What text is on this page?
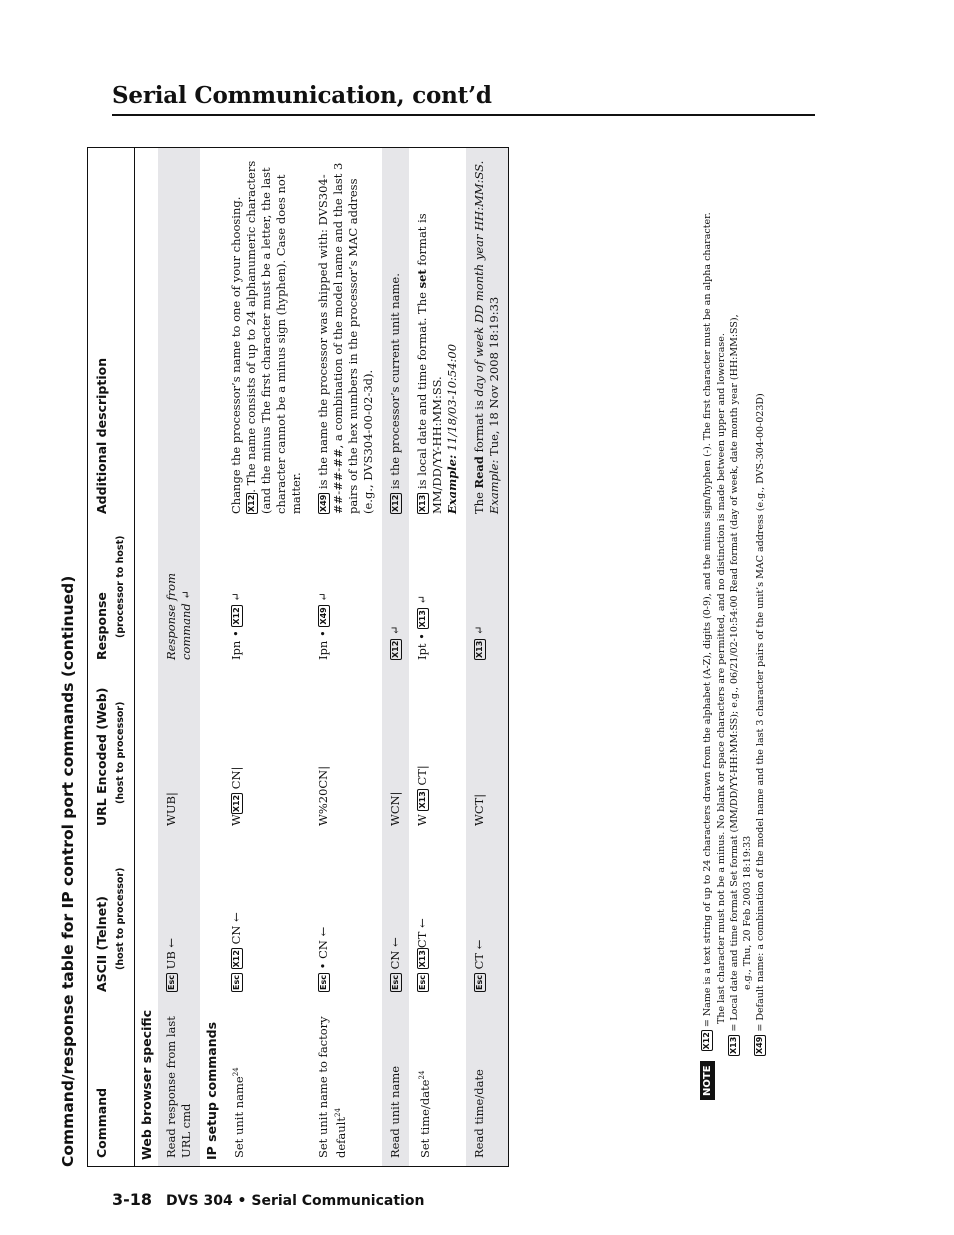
Serial Communication, cont’d
Command/response table for IP control port commands (continued) Command	ASCII (Telnet) (host to processor)	URL Encoded (Web) (host to processor)	Response (processor to host)	Additional description
Web browser specific				
Read response from last URL cmd	Esc UB ←	WUB|	Response from command ↵	
IP setup commands				
Set unit name$^{24}$	Esc X12 CN ←	WX12 CN|	Ipn • X12 ↵	Change the processor’s name to one of your choosing. X12. The name consists of up to 24 alphanumeric characters (and the minus The first character must be a letter, the last character cannot be a minus sign (hyphen). Case does not matter.
Set unit name to factory default$^{24}$	Esc • CN ←	W%20CN|	Ipn • X49 ↵	X49 is the name the processor was shipped with: DVS304-##-##-##, a combination of the model name and the last 3 pairs of the hex numbers in the processor’s MAC address (e.g., DVS304-00-02-3d).
Read unit name	Esc CN ←	WCN|	X12 ↵	X12 is the processor’s current unit name.
Set time/date$^{24}$	Esc X13CT ←	W X13 CT|	Ipt • X13 ↵	X13 is local date and time format. The set format is MM/DD/YY-HH:MM:SS.
Example: 11/18/03-10:54:00
Read time/date	Esc CT ←	WCT|	X13 ↵	The Read format is day of week DD month year HH:MM:SS.
Example: Tue, 18 Nov 2008 18:19:33
NOTEX12 = Name is a text string of up to 24 characters drawn from the alphabet (A-Z), digits (0-9), and the minus sign/hyphen (-). The first character must be an alpha character. The last character must not be a minus. No blank or space characters are permitted, and no distinction is made between upper and lowercase.
X13 = Local date and time format Set format (MM/DD/YY-HH:MM:SS); e.g., 06/21/02-10:54:00 Read format (day of week, date month year (HH:MM:SS), e.g., Thu, 20 Feb 2003 18:19:33
X49 = Default name: a combination of the model name and the last 3 character pairs of the unit’s MAC address (e.g., DVS-304-00-023D)
3-18 DVS 304 • Serial Communication
